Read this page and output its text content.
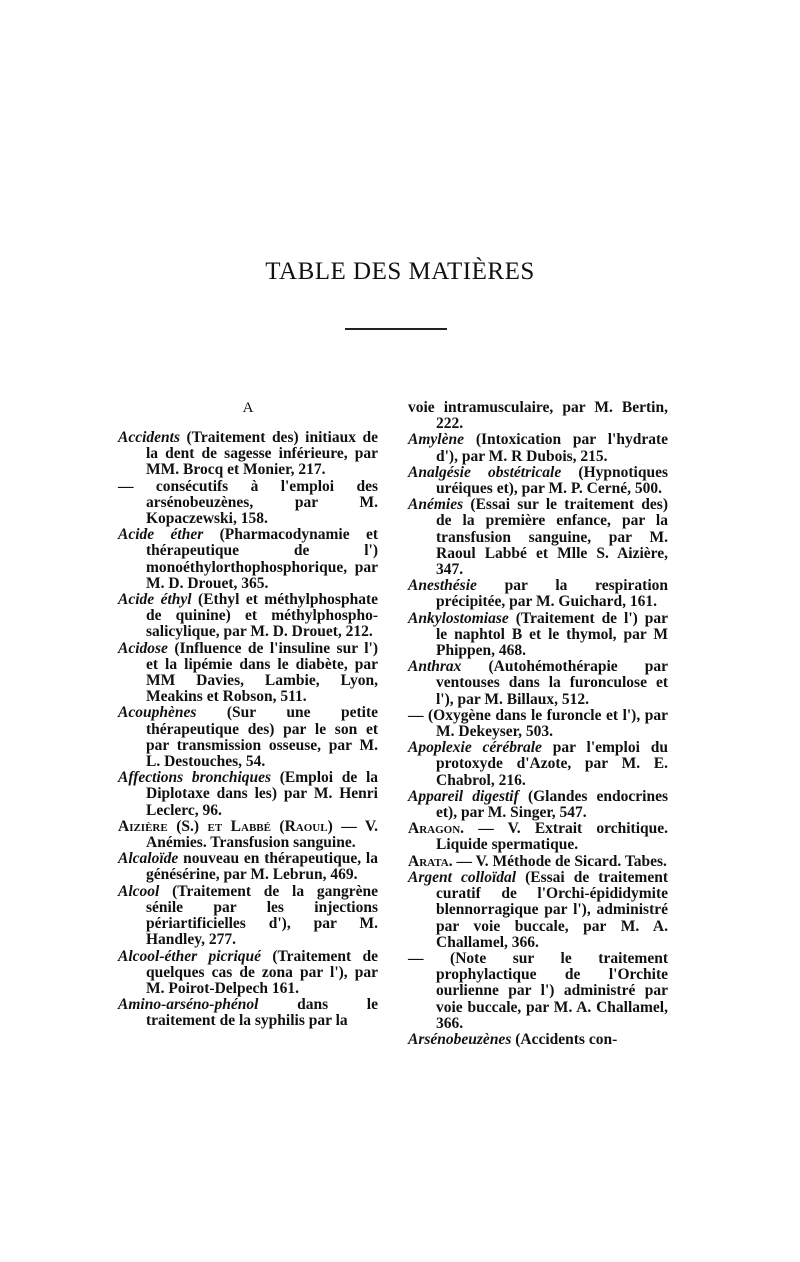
TABLE DES MATIÈRES
A

Accidents (Traitement des) initiaux de la dent de sagesse inférieure, par MM. Brocq et Monier, 217.

— consécutifs à l'emploi des arsénobeuzènes, par M. Kopaczewski, 158.

Acide éther (Pharmacodynamie et thérapeutique de l') monoéthylorthophosphorique, par M. D. Drouet, 365.

Acide éthyl (Ethyl et méthylphosphate de quinine) et méthylphospho-salicylique, par M. D. Drouet, 212.

Acidose (Influence de l'insuline sur l') et la lipémie dans le diabète, par MM Davies, Lambie, Lyon, Meakins et Robson, 511.

Acouphènes (Sur une petite thérapeutique des) par le son et par transmission osseuse, par M. L. Destouches, 54.

Affections bronchiques (Emploi de la Diplotaxe dans les) par M. Henri Leclerc, 96.

Aizière (S.) et Labbé (Raoul) — V. Anémies. Transfusion sanguine.

Alcaloïde nouveau en thérapeutique, la génésérine, par M. Lebrun, 469.

Alcool (Traitement de la gangrène sénile par les injections périartificielles d'), par M. Handley, 277.

Alcool-éther picriqué (Traitement de quelques cas de zona par l'), par M. Poirot-Delpech 161.

Amino-arséno-phénol dans le traitement de la syphilis par la

voie intramusculaire, par M. Bertin, 222.

Amylène (Intoxication par l'hydrate d'), par M. R Dubois, 215.

Analgésie obstétricale (Hypnotiques uréiques et), par M. P. Cerné, 500.

Anémies (Essai sur le traitement des) de la première enfance, par la transfusion sanguine, par M. Raoul Labbé et Mlle S. Aizière, 347.

Anesthésie par la respiration précipitée, par M. Guichard, 161.

Ankylostomiase (Traitement de l') par le naphtol B et le thymol, par M Phippen, 468.

Anthrax (Autohémothérapie par ventouses dans la furonculose et l'), par M. Billaux, 512.

— (Oxygène dans le furoncle et l'), par M. Dekeyser, 503.

Apoplexie cérébrale par l'emploi du protoxyde d'Azote, par M. E. Chabrol, 216.

Appareil digestif (Glandes endocrines et), par M. Singer, 547.

Aragon. — V. Extrait orchitique. Liquide spermatique.

Arata. — V. Méthode de Sicard. Tabes.

Argent colloïdal (Essai de traitement curatif de l'Orchi-épididymite blennorragique par l'), administré par voie buccale, par M. A. Challamel, 366.

— (Note sur le traitement prophylactique de l'Orchite ourlienne par l') administré par voie buccale, par M. A. Challamel, 366.

Arsénobeuzènes (Accidents con-
